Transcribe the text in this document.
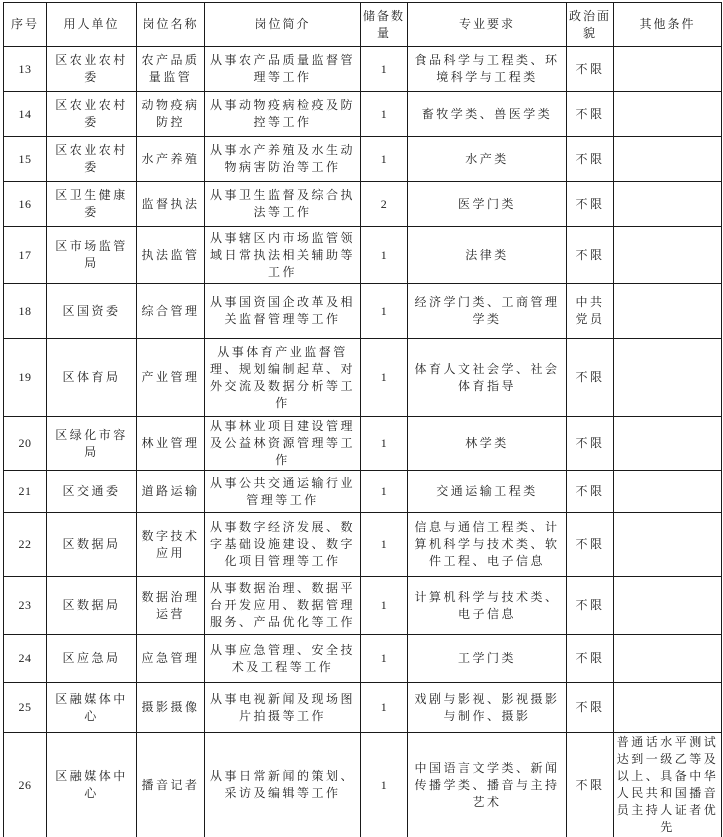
序号	用人单位	岗位名称	岗位简介	储备数量	专业要求	政治面貌	其他条件
13	区农业农村委	农产品质量监管	从事农产品质量监督管理等工作	1	食品科学与工程类、环境科学与工程类	不限	
14	区农业农村委	动物疫病防控	从事动物疫病检疫及防控等工作	1	畜牧学类、兽医学类	不限	
15	区农业农村委	水产养殖	从事水产养殖及水生动物病害防治等工作	1	水产类	不限	
16	区卫生健康委	监督执法	从事卫生监督及综合执法等工作	2	医学门类	不限	
17	区市场监管局	执法监管	从事辖区内市场监管领域日常执法相关辅助等工作	1	法律类	不限	
18	区国资委	综合管理	从事国资国企改革及相关监督管理等工作	1	经济学门类、工商管理学类	中共党员	
19	区体育局	产业管理	从事体育产业监督管理、规划编制起草、对外交流及数据分析等工作	1	体育人文社会学、社会体育指导	不限	
20	区绿化市容局	林业管理	从事林业项目建设管理及公益林资源管理等工作	1	林学类	不限	
21	区交通委	道路运输	从事公共交通运输行业管理等工作	1	交通运输工程类	不限	
22	区数据局	数字技术应用	从事数字经济发展、数字基础设施建设、数字化项目管理等工作	1	信息与通信工程类、计算机科学与技术类、软件工程、电子信息	不限	
23	区数据局	数据治理运营	从事数据治理、数据平台开发应用、数据管理服务、产品优化等工作	1	计算机科学与技术类、电子信息	不限	
24	区应急局	应急管理	从事应急管理、安全技术及工程等工作	1	工学门类	不限	
25	区融媒体中心	摄影摄像	从事电视新闻及现场图片拍摄等工作	1	戏剧与影视、影视摄影与制作、摄影	不限	
26	区融媒体中心	播音记者	从事日常新闻的策划、采访及编辑等工作	1	中国语言文学类、新闻传播学类、播音与主持艺术	不限	普通话水平测试达到一级乙等及以上、具备中华人民共和国播音员主持人证者优先
